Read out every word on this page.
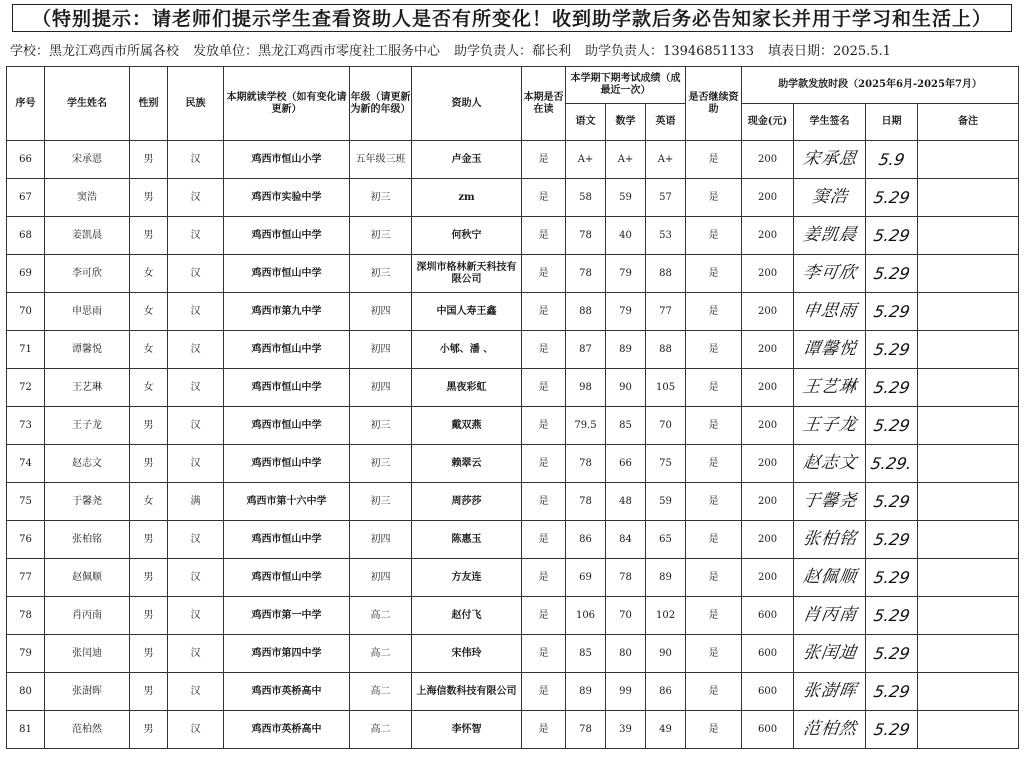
（特别提示：请老师们提示学生查看资助人是否有所变化！收到助学款后务必告知家长并用于学习和生活上）
学校：黑龙江鸡西市所属各校 发放单位：黑龙江鸡西市零度社工服务中心 助学负责人：郗长利 助学负责人：13946851133 填表日期：2025.5.1
序号	学生姓名	性别	民族	本期就读学校（如有变化请更新）	年级（请更新为新的年级）	资助人	本期是否在读	本学期下期考试成绩（成最近一次）			是否继续资助	助学款发放时段（2025年6月-2025年7月）			
								语文	数学	英语		现金(元)	学生签名	日期	备注
66	宋承恩	男	汉	鸡西市恒山小学	五年级三班	卢金玉	是	A+	A+	A+	是	200	宋承恩	5.9	
67	窦浩	男	汉	鸡西市实验中学	初三	zm	是	58	59	57	是	200	窦浩	5.29	
68	姜凯晨	男	汉	鸡西市恒山中学	初三	何秋宁	是	78	40	53	是	200	姜凯晨	5.29	
69	李可欣	女	汉	鸡西市恒山中学	初三	深圳市格林新天科技有限公司	是	78	79	88	是	200	李可欣	5.29	
70	申思雨	女	汉	鸡西市第九中学	初四	中国人寿王鑫	是	88	79	77	是	200	申思雨	5.29	
71	谭馨悦	女	汉	鸡西市恒山中学	初四	小郇、潘 、	是	87	89	88	是	200	谭馨悦	5.29	
72	王艺琳	女	汉	鸡西市恒山中学	初四	黑夜彩虹	是	98	90	105	是	200	王艺琳	5.29	
73	王子龙	男	汉	鸡西市恒山中学	初三	戴双燕	是	79.5	85	70	是	200	王子龙	5.29	
74	赵志文	男	汉	鸡西市恒山中学	初三	赖翠云	是	78	66	75	是	200	赵志文	5.29.	
75	于馨尧	女	满	鸡西市第十六中学	初三	周莎莎	是	78	48	59	是	200	于馨尧	5.29	
76	张柏铭	男	汉	鸡西市恒山中学	初四	陈惠玉	是	86	84	65	是	200	张柏铭	5.29	
77	赵佩顺	男	汉	鸡西市恒山中学	初四	方友连	是	69	78	89	是	200	赵佩顺	5.29	
78	肖丙南	男	汉	鸡西市第一中学	高二	赵付飞	是	106	70	102	是	600	肖丙南	5.29	
79	张闰迪	男	汉	鸡西市第四中学	高二	宋伟玲	是	85	80	90	是	600	张闰迪	5.29	
80	张澍晖	男	汉	鸡西市英桥高中	高二	上海信数科技有限公司	是	89	99	86	是	600	张澍晖	5.29	
81	范柏然	男	汉	鸡西市英桥高中	高二	李怀智	是	78	39	49	是	600	范柏然	5.29	
